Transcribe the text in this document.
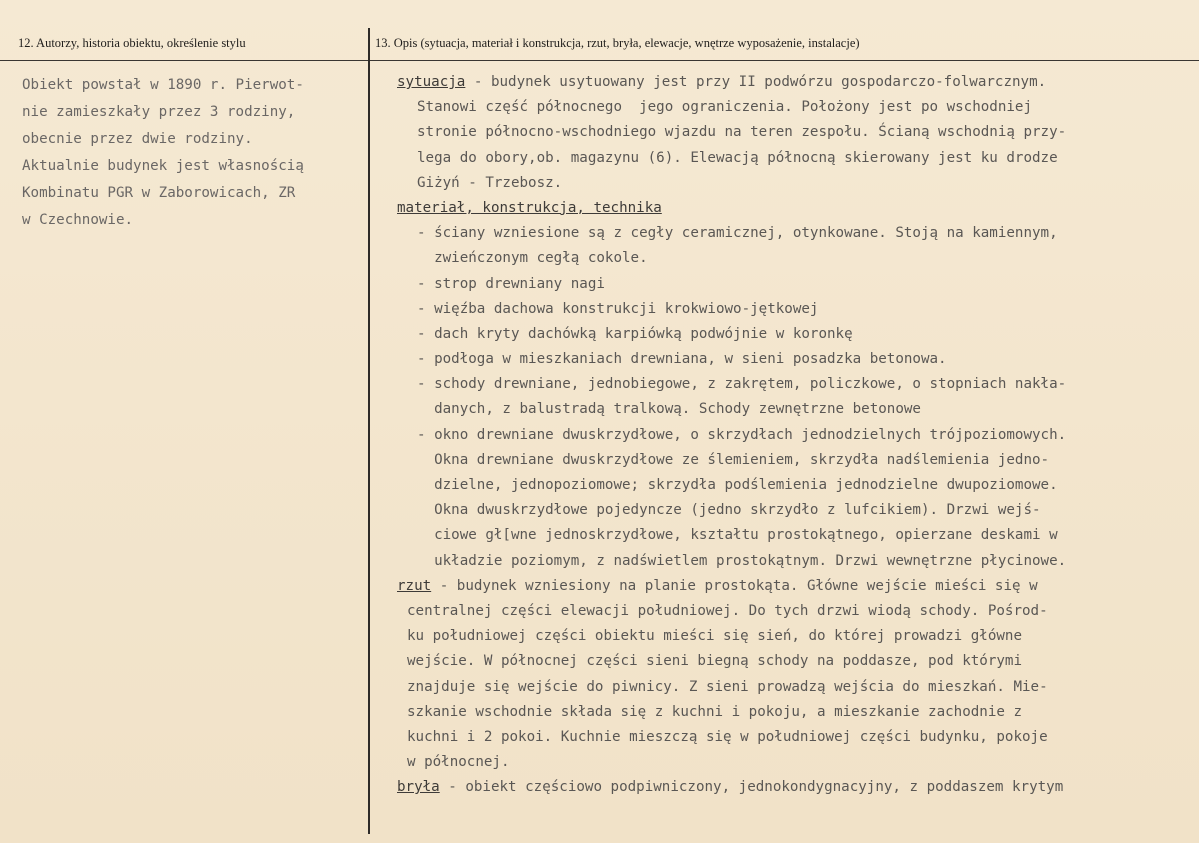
12. Autorzy, historia obiektu, określenie stylu	13. Opis (sytuacja, materiał i konstrukcja, rzut, bryła, elewacje, wnętrze wyposażenie, instalacje)
Obiekt powstał w 1890 r. Pierwot-
nie zamieszkały przez 3 rodziny,
obecnie przez dwie rodziny.
Aktualnie budynek jest własnością
Kombinatu PGR w Zaborowicach, ZR
w Czechnowie.
sytuacja - budynek usytuowany jest przy II podwórzu gospodarczo-folwarcznym.
Stanowi część północnego  jego ograniczenia. Położony jest po wschodniej
stronie północno-wschodniego wjazdu na teren zespołu. Ścianą wschodnią przy-
lega do obory,ob. magazynu (6). Elewacją północną skierowany jest ku drodze
Giżyń - Trzebosz.
materiał, konstrukcja, technika
- ściany wzniesione są z cegły ceramicznej, otynkowane. Stoją na kamiennym,
zwieńczonym cegłą cokole.
- strop drewniany nagi
- więźba dachowa konstrukcji krokwiowo-jętkowej
- dach kryty dachówką karpiówką podwójnie w koronkę
- podłoga w mieszkaniach drewniana, w sieni posadzka betonowa.
- schody drewniane, jednobiegowe, z zakrętem, policzkowe, o stopniach nakła-
danych, z balustradą tralkową. Schody zewnętrzne betonowe
- okno drewniane dwuskrzydłowe, o skrzydłach jednodzielnych trójpoziomowych.
Okna drewniane dwuskrzydłowe ze ślemieniem, skrzydła nadślemienia jedno-
dzielne, jednopoziomowe; skrzydła podślemienia jednodzielne dwupoziomowe.
Okna dwuskrzydłowe pojedyncze (jedno skrzydło z lufcikiem). Drzwi wejś-
ciowe gł[wne jednoskrzydłowe, kształtu prostokątnego, opierzane deskami w
układzie poziomym, z nadświetlem prostokątnym. Drzwi wewnętrzne płycinowe.
rzut - budynek wzniesiony na planie prostokąta. Główne wejście mieści się w
centralnej części elewacji południowej. Do tych drzwi wiodą schody. Pośrod-
ku południowej części obiektu mieści się sień, do której prowadzi główne
wejście. W północnej części sieni biegną schody na poddasze, pod którymi
znajduje się wejście do piwnicy. Z sieni prowadzą wejścia do mieszkań. Mie-
szkanie wschodnie składa się z kuchni i pokoju, a mieszkanie zachodnie z
kuchni i 2 pokoi. Kuchnie mieszczą się w południowej części budynku, pokoje
w północnej.
bryła - obiekt częściowo podpiwniczony, jednokondygnacyjny, z poddaszem krytym
